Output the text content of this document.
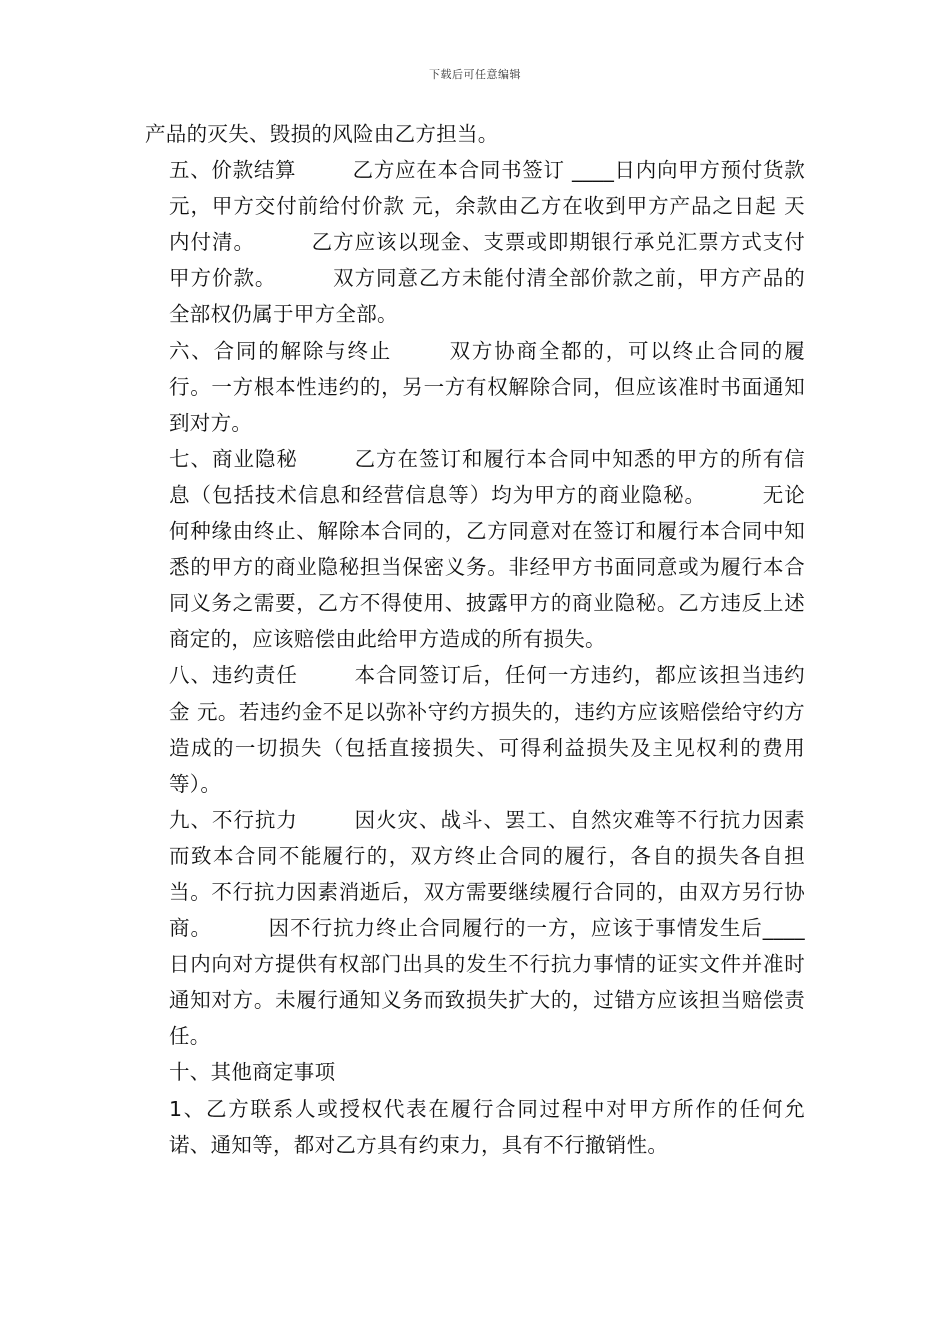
下载后可任意编辑

产品的灭失、毁损的风险由乙方担当。

五、价款结算	乙方应在本合同书签订 ____日内向甲方预付货款 元，甲方交付前给付价款 元，余款由乙方在收到甲方产品之日起 天内付清。	乙方应该以现金、支票或即期银行承兑汇票方式支付甲方价款。	双方同意乙方未能付清全部价款之前，甲方产品的全部权仍属于甲方全部。

六、合同的解除与终止	双方协商全都的，可以终止合同的履行。一方根本性违约的，另一方有权解除合同，但应该准时书面通知到对方。

七、商业隐秘	乙方在签订和履行本合同中知悉的甲方的所有信息（包括技术信息和经营信息等）均为甲方的商业隐秘。	无论何种缘由终止、解除本合同的，乙方同意对在签订和履行本合同中知悉的甲方的商业隐秘担当保密义务。非经甲方书面同意或为履行本合同义务之需要，乙方不得使用、披露甲方的商业隐秘。乙方违反上述商定的，应该赔偿由此给甲方造成的所有损失。

八、违约责任	本合同签订后，任何一方违约，都应该担当违约金 元。若违约金不足以弥补守约方损失的，违约方应该赔偿给守约方造成的一切损失（包括直接损失、可得利益损失及主见权利的费用等）。

九、不行抗力	因火灾、战斗、罢工、自然灾难等不行抗力因素而致本合同不能履行的，双方终止合同的履行，各自的损失各自担当。不行抗力因素消逝后，双方需要继续履行合同的，由双方另行协商。	因不行抗力终止合同履行的一方，应该于事情发生后____日内向对方提供有权部门出具的发生不行抗力事情的证实文件并准时通知对方。未履行通知义务而致损失扩大的，过错方应该担当赔偿责任。

十、其他商定事项

1、乙方联系人或授权代表在履行合同过程中对甲方所作的任何允诺、通知等，都对乙方具有约束力，具有不行撤销性。
